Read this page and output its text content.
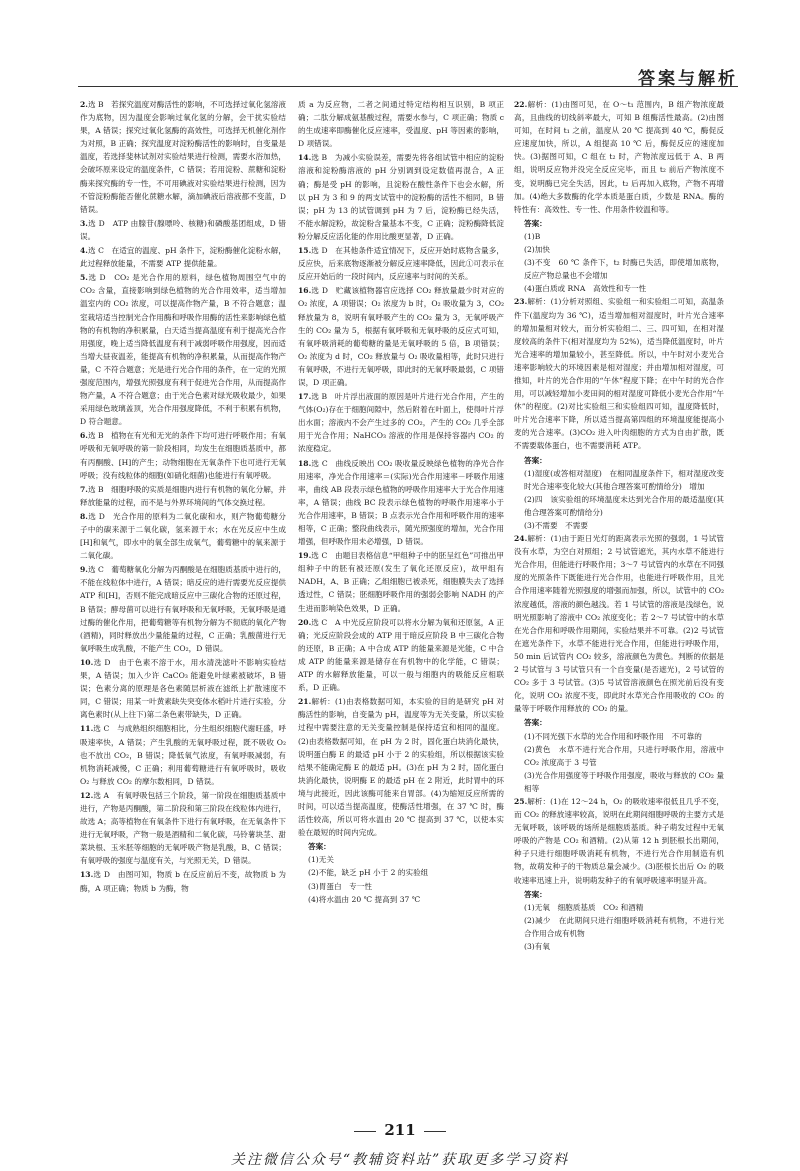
答案与解析
2.选 B　若探究温度对酶活性的影响，不可选择过氧化氢溶液作为底物，因为温度会影响过氧化氢的分解，会干扰实验结果，A 错误；探究过氧化氢酶的高效性，可选择无机催化剂作为对照，B 正确；探究温度对淀粉酶活性的影响时，自变量是温度，若选择斐林试剂对实验结果进行检测，需要水浴加热，会破坏原来设定的温度条件，C 错误；若用淀粉、蔗糖和淀粉酶来探究酶的专一性，不可用碘液对实验结果进行检测，因为不管淀粉酶能否催化蔗糖水解，滴加碘液后溶液都不变蓝，D 错误。
3.选 D　ATP 由腺苷(腺嘌呤、核糖)和磷酸基团组成，D 错误。
4.选 C　在适宜的温度、pH 条件下，淀粉酶催化淀粉水解，此过程释放能量，不需要 ATP 提供能量。
5.选 D　CO₂ 是光合作用的原料，绿色植物周围空气中的 CO₂ 含量，直接影响到绿色植物的光合作用效率，适当增加温室内的 CO₂ 浓度，可以提高作物产量，B 不符合题意；温室栽培适当控制光合作用酶和呼吸作用酶的活性来影响绿色植物的有机物的净积累量，白天适当提高温度有利于提高光合作用强度，晚上适当降低温度有利于减弱呼吸作用强度，因而适当增大昼夜温差，能提高有机物的净积累量，从而提高作物产量，C 不符合题意；光是进行光合作用的条件，在一定的光照强度范围内，增强光照强度有利于促进光合作用，从而提高作物产量，A 不符合题意；由于光合色素对绿光吸收最少，如果采用绿色玻璃盖顶，光合作用强度降低，不利于积累有机物，D 符合题意。
6.选 B　植物在有光和无光的条件下均可进行呼吸作用；有氧呼吸和无氧呼吸的第一阶段相同，均发生在细胞质基质中，都有丙酮酸、[H]的产生；动物细胞在无氧条件下也可进行无氧呼吸；没有线粒体的细胞(如硝化细菌)也能进行有氧呼吸。
7.选 B　细胞呼吸的实质是细胞内进行有机物的氧化分解，并释放能量的过程，而不是与外界环境间的气体交换过程。
8.选 D　光合作用的原料为二氧化碳和水，则产物葡萄糖分子中的碳来源于二氧化碳，氢来源于水；水在光反应中生成[H]和氧气，即水中的氧全部生成氧气，葡萄糖中的氧来源于二氧化碳。
9.选 C　葡萄糖氧化分解为丙酮酸是在细胞质基质中进行的，不能在线粒体中进行，A 错误；暗反应的进行需要光反应提供 ATP 和[H]，否则不能完成暗反应中三碳化合物的还原过程，B 错误；酵母菌可以进行有氧呼吸和无氧呼吸，无氧呼吸是通过酶的催化作用，把葡萄糖等有机物分解为不彻底的氧化产物(酒精)，同时释放出少量能量的过程，C 正确；乳酸菌进行无氧呼吸生成乳酸，不能产生 CO₂，D 错误。
10.选 D　由于色素不溶于水，用水清洗滤叶不影响实验结果，A 错误；加入少许 CaCO₃ 能避免叶绿素被破坏，B 错误；色素分离的原理是各色素随层析液在滤纸上扩散速度不同，C 错误；用某一叶黄素缺失突变体水稻叶片进行实验，分离色素时(从上往下)第二条色素带缺失，D 正确。
11.选 C　与成熟组织细胞相比，分生组织细胞代谢旺盛，呼吸速率快，A 错误；产生乳酸的无氧呼吸过程，既不吸收 O₂ 也不放出 CO₂，B 错误；降低氧气浓度，有氧呼吸减弱，有机物消耗减慢，C 正确；利用葡萄糖进行有氧呼吸时，吸收 O₂ 与释放 CO₂ 的摩尔数相同，D 错误。
12.选 A　有氧呼吸包括三个阶段，第一阶段在细胞质基质中进行，产物是丙酮酸，第二阶段和第三阶段在线粒体内进行，故选 A；高等植物在有氧条件下进行有氧呼吸，在无氧条件下进行无氧呼吸，产物一般是酒精和二氧化碳，马铃薯块茎、甜菜块根、玉米胚等细胞的无氧呼吸产物是乳酸，B、C 错误；有氧呼吸的强度与温度有关，与光照无关，D 错误。
13.选 D　由图可知，物质 b 在反应前后不变，故物质 b 为酶，A 项正确；物质 b 为酶，物
质 a 为反应物，二者之间通过特定结构相互识别，B 项正确；二肽分解成氨基酸过程，需要水参与，C 项正确；物质 c 的生成速率即酶催化反应速率，受温度、pH 等因素的影响，D 项错误。
14.选 B　为减小实验误差，需要先将各组试管中相应的淀粉溶液和淀粉酶溶液的 pH 分别调到设定数值再混合，A 正确；酶是受 pH 的影响，且淀粉在酸性条件下也会水解，所以 pH 为 3 和 9 的两支试管中的淀粉酶的活性不相同，B 错误；pH 为 13 的试管调到 pH 为 7 后，淀粉酶已经失活，不能水解淀粉，故淀粉含量基本不变，C 正确；淀粉酶降低淀粉分解反应活化能的作用比酸更显著，D 正确。
15.选 D　在其他条件适宜情况下，反应开始时底物含量多，反应快，后来底物逐渐被分解反应速率降低，因此①可表示在反应开始后的一段时间内，反应速率与时间的关系。
16.选 D　贮藏该植物器官应选择 CO₂ 释放量最少时对应的 O₂ 浓度，A 项错误；O₂ 浓度为 b 时，O₂ 吸收量为 3，CO₂ 释放量为 8，说明有氧呼吸产生的 CO₂ 量为 3，无氧呼吸产生的 CO₂ 量为 5，根据有氧呼吸和无氧呼吸的反应式可知，有氧呼吸消耗的葡萄糖的量是无氧呼吸的 5 倍，B 项错误；O₂ 浓度为 d 时，CO₂ 释放量与 O₂ 吸收量相等，此时只进行有氧呼吸，不进行无氧呼吸，即此时的无氧呼吸最弱，C 项错误，D 项正确。
17.选 B　叶片浮出液面的原因是叶片进行光合作用，产生的气体(O₂)存在于细胞间隙中，然后附着在叶面上，使得叶片浮出水面；溶液内不会产生过多的 CO₂，产生的 CO₂ 几乎全部用于光合作用；NaHCO₃ 溶液的作用是保持容器内 CO₂ 的浓度稳定。
18.选 C　曲线反映出 CO₂ 吸收量反映绿色植物的净光合作用速率，净光合作用速率＝(实际)光合作用速率－呼吸作用速率，曲线 AB 段表示绿色植物的呼吸作用速率大于光合作用速率，A 错误；曲线 BC 段表示绿色植物的呼吸作用速率小于光合作用速率，B 错误；B 点表示光合作用和呼吸作用的速率相等，C 正确；整段曲线表示，随光照强度的增加，光合作用增强，但呼吸作用未必增强，D 错误。
19.选 C　由题目表格信息“甲组种子中的胚呈红色”可推出甲组种子中的胚有被还原(发生了氧化还原反应)，故甲组有 NADH，A、B 正确；乙组细胞已被杀死，细胞膜失去了选择透过性，C 错误；胚细胞呼吸作用的强弱会影响 NADH 的产生进而影响染色效果，D 正确。
20.选 C　A 中光反应阶段可以将水分解为氧和还原氢，A 正确；光反应阶段会成的 ATP 用于暗反应阶段 B 中三碳化合物的还原，B 正确；A 中合成 ATP 的能量来源是光能，C 中合成 ATP 的能量来源是储存在有机物中的化学能，C 错误；ATP 的水解释放能量，可以一般与细胞内的吸能反应相联系，D 正确。
21.解析：(1)由表格数据可知，本实验的目的是研究 pH 对酶活性的影响，自变量为 pH，温度等为无关变量，所以实验过程中需要注意的无关变量控制是保持适宜和相同的温度。(2)由表格数据可知，在 pH 为 2 时，固化蛋白块消化最快，说明蛋白酶 E 的最适 pH 小于 2 的实验组，所以根据该实验结果不能确定酶 E 的最适 pH。(3)在 pH 为 2 时，固化蛋白块消化最快，说明酶 E 的最适 pH 在 2 附近，此时胃中的环境与此接近，因此该酶可能来自胃部。(4)为缩短反应所需的时间，可以适当提高温度，使酶活性增强，在 37 ℃ 时，酶活性较高，所以可将水温由 20 ℃ 提高到 37 ℃，以使本实验在最短的时间内完成。
答案：
(1)无关
(2)不能，缺乏 pH 小于 2 的实验组
(3)胃蛋白　专一性
(4)将水温由 20 ℃ 提高到 37 ℃
22.解析：(1)由图可见，在 O～t₁ 范围内，B 组产物浓度最高，且曲线的切线斜率最大，可知 B 组酶活性最高。(2)由图可知，在时间 t₁ 之前，温度从 20 ℃ 提高到 40 ℃，酶促反应速度加快，所以，A 组提高 10 ℃ 后，酶促反应的速度加快。(3)据图可知，C 组在 t₂ 时，产物浓度远低于 A、B 两组，说明反应物并没完全反应完毕，而且 t₂ 前后产物浓度不变，说明酶已完全失活，因此，t₂ 后再加入底物，产物不再增加。(4)绝大多数酶的化学本质是蛋白质，少数是 RNA。酶的特性有：高效性、专一性、作用条件较温和等。
答案：
(1)B
(2)加快
(3)不变　60 ℃ 条件下，t₂ 时酶已失活，即使增加底物，反应产物总量也不会增加
(4)蛋白质或 RNA　高效性和专一性
23.解析：(1)分析对照组、实验组一和实验组二可知，高温条件下(温度均为 36 ℃)，适当增加相对湿度时，叶片光合速率的增加量相对较大，而分析实验组二、三、四可知，在相对湿度较高的条件下(相对湿度均为 52%)，适当降低温度时，叶片光合速率的增加量较小，甚至降低。所以，中午时对小麦光合速率影响较大的环境因素是相对湿度；并由增加相对湿度，可推知，叶片的光合作用的“午休”程度下降；在中午时的光合作用，可以减轻增加小麦田间的相对湿度可降低小麦光合作用“午休”的程度。(2)对比实验组三和实验组四可知，温度降低时，叶片光合速率下降，所以适当提高第四组的环境温度能提高小麦的光合速率。(3)CO₂ 进入叶肉细胞的方式为自由扩散，既不需要载体蛋白，也不需要消耗 ATP。
答案：
(1)湿度(或答相对湿度)　在相同温度条件下，相对湿度改变时光合速率变化较大(其他合理答案可酌情给分)　增加
(2)四　该实验组的环境温度未达到光合作用的最适温度(其他合理答案可酌情给分)
(3)不需要　不需要
24.解析：(1)由于距日光灯的距离表示光照的强弱，1 号试管没有水草，为空白对照组；2 号试管遮光，其内水草不能进行光合作用，但能进行呼吸作用；3～7 号试管内的水草在不同强度的光照条件下既能进行光合作用，也能进行呼吸作用，且光合作用速率随着光照强度的增强而加强，所以，试管中的 CO₂ 浓度越低，溶液的颜色越浅。若 1 号试管的溶液是浅绿色，说明光照影响了溶液中 CO₂ 浓度变化；若 2～7 号试管中的水草在光合作用和呼吸作用期间，实验结果并不可靠。(2)2 号试管在遮光条件下，水草不能进行光合作用，但能进行呼吸作用，50 min 后试管内 CO₂ 较多，溶液颜色为黄色。判断的依据是 2 号试管与 3 号试管只有一个自变量(是否遮光)，2 号试管的 CO₂ 多于 3 号试管。(3)5 号试管溶液颜色在照光前后没有变化，说明 CO₂ 浓度不变，即此时水草光合作用吸收的 CO₂ 的量等于呼吸作用释放的 CO₂ 的量。
答案：
(1)不同光强下水草的光合作用和呼吸作用　不可靠的
(2)黄色　水草不进行光合作用，只进行呼吸作用，溶液中 CO₂ 浓度高于 3 号管
(3)光合作用强度等于呼吸作用强度，吸收与释放的 CO₂ 量相等
25.解析：(1)在 12～24 h，O₂ 的吸收速率很低且几乎不变，而 CO₂ 的释放速率较高，说明在此期间细胞呼吸的主要方式是无氧呼吸，该呼吸的场所是细胞质基质。种子萌发过程中无氧呼吸的产物是 CO₂ 和酒精。(2)从第 12 h 到胚根长出期间，种子只进行细胞呼吸消耗有机物，不进行光合作用制造有机物，故萌发种子的干物质总量会减少。(3)胚根长出后 O₂ 的吸收速率迅速上升，说明萌发种子的有氧呼吸速率明显升高。
答案：
(1)无氧　细胞质基质　CO₂ 和酒精
(2)减少　在此期间只进行细胞呼吸消耗有机物，不进行光合作用合成有机物
(3)有氧
211
关注微信公众号“教辅资料站”获取更多学习资料
